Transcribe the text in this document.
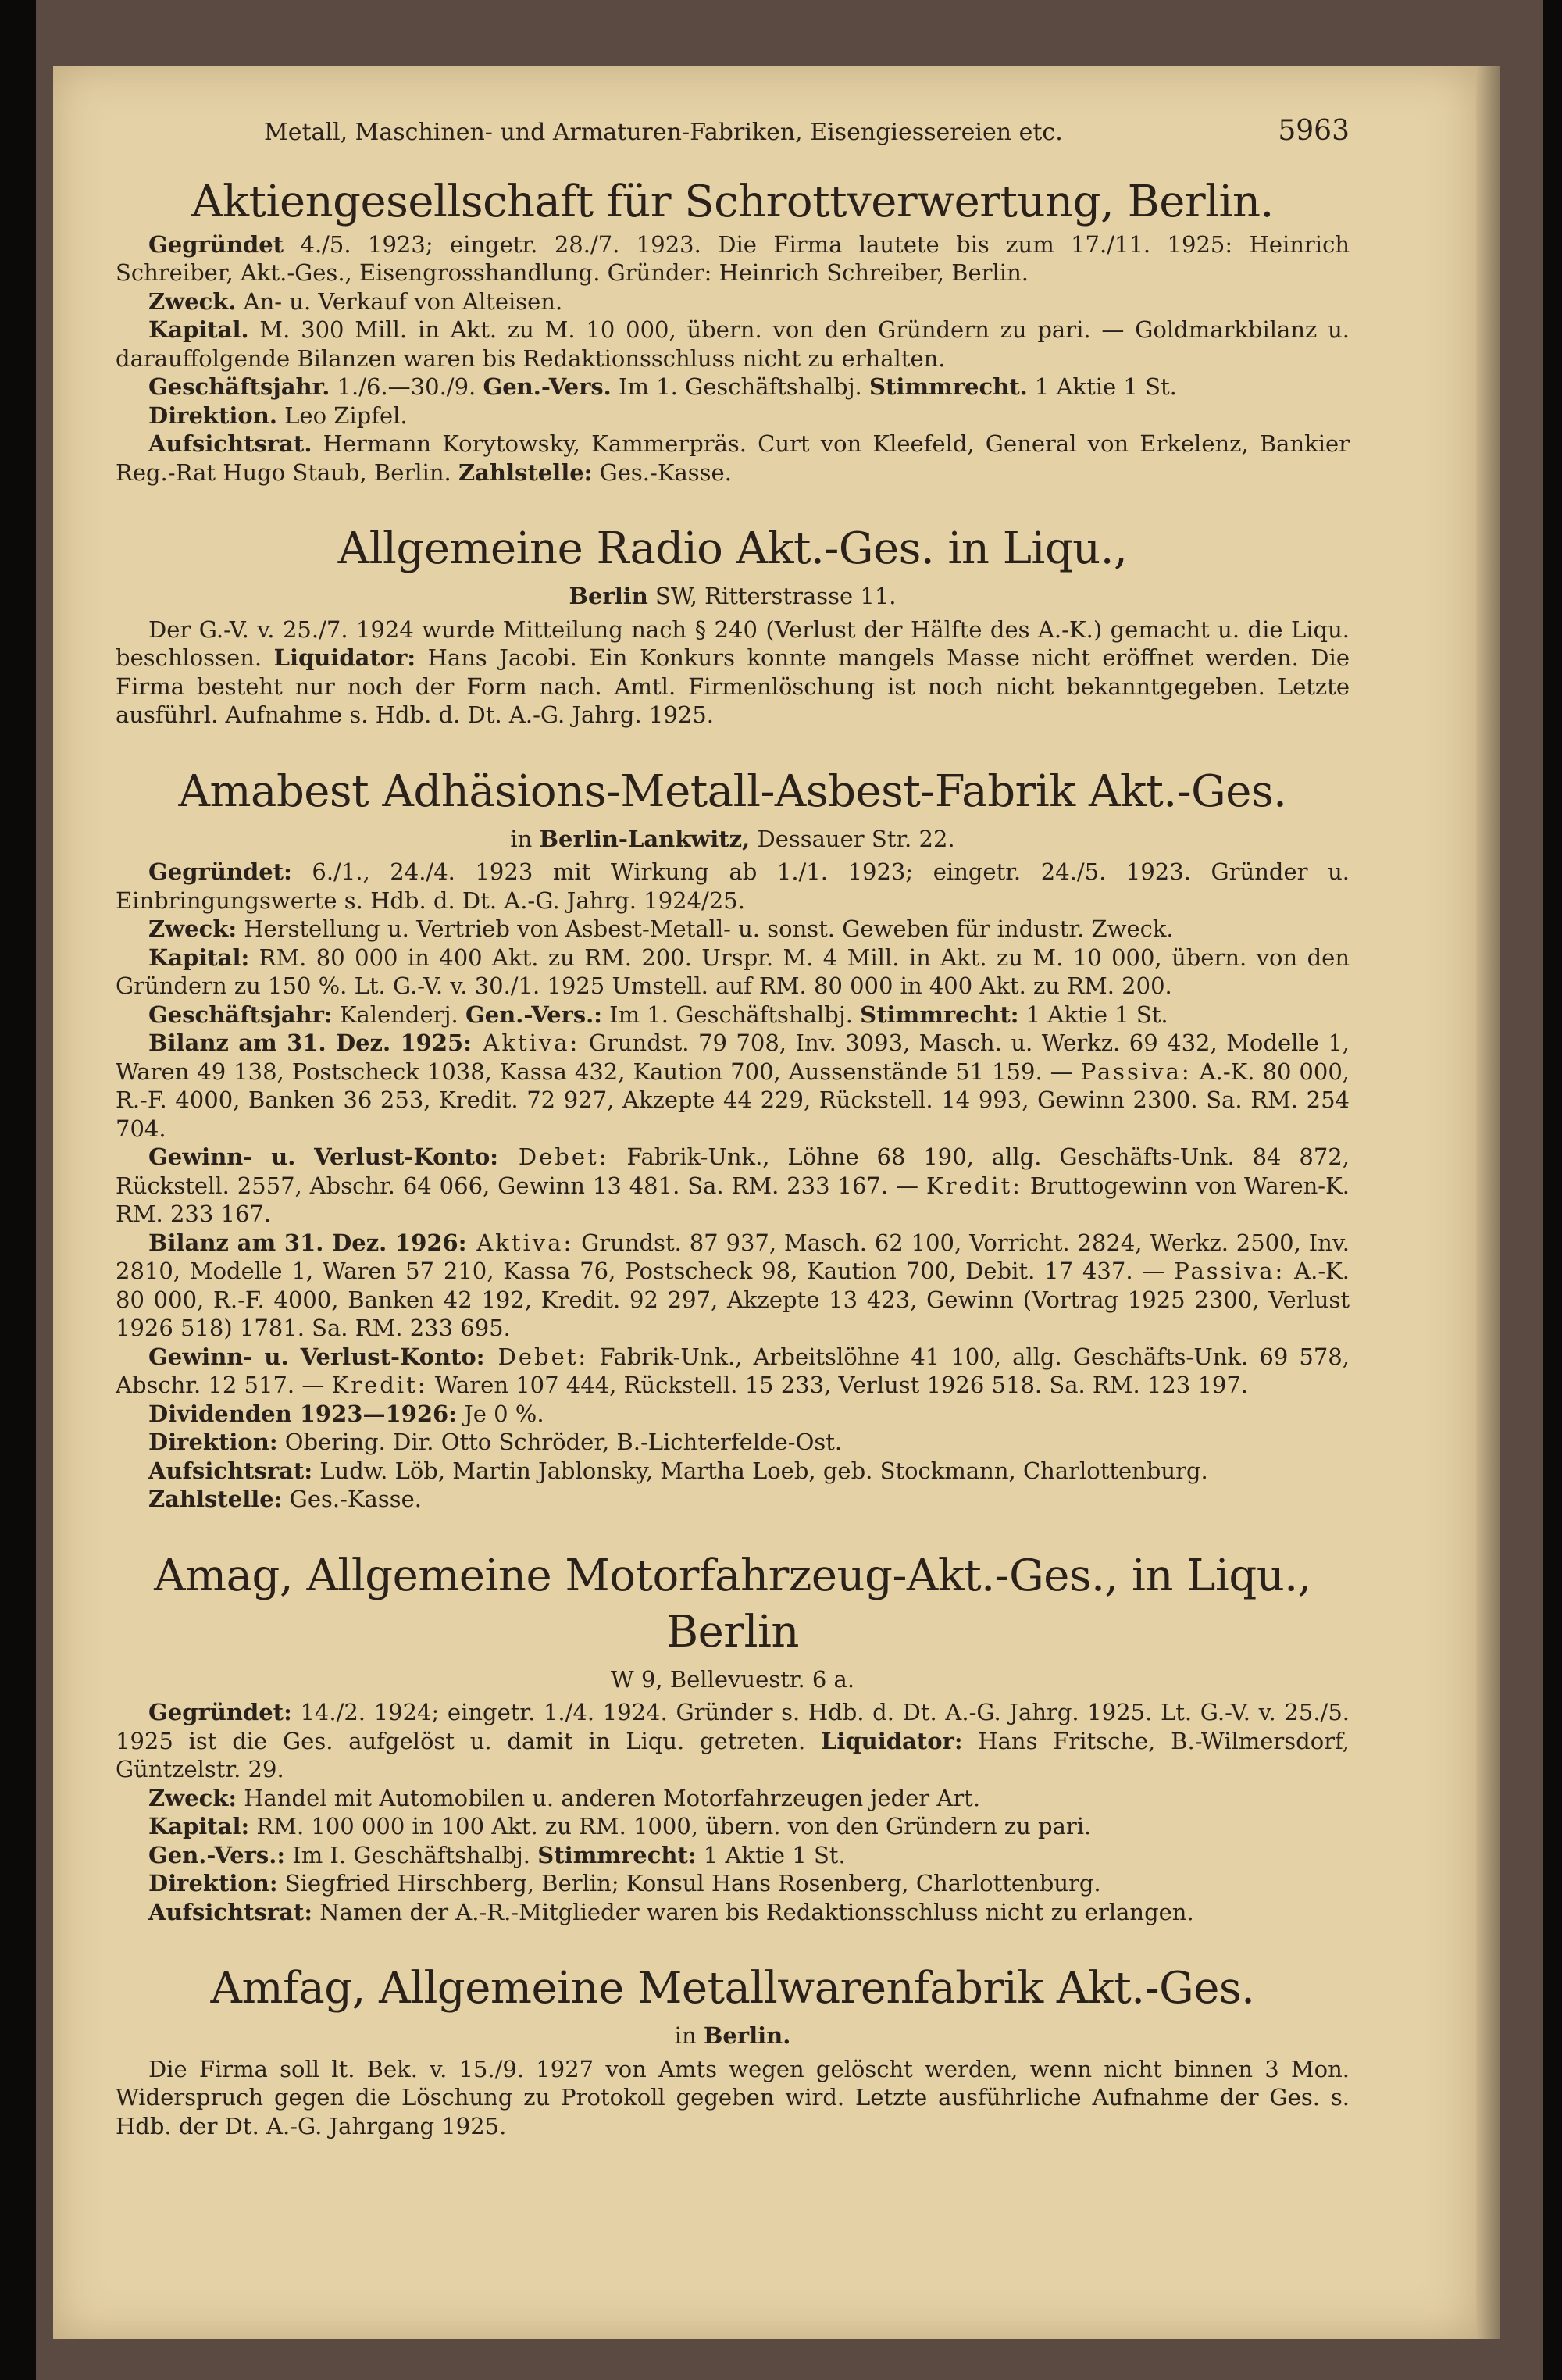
Metall, Maschinen- und Armaturen-Fabriken, Eisengiessereien etc.	5963
Aktiengesellschaft für Schrottverwertung, Berlin.

Gegründet 4./5. 1923; eingetr. 28./7. 1923. Die Firma lautete bis zum 17./11. 1925: Heinrich Schreiber, Akt.-Ges., Eisengrosshandlung. Gründer: Heinrich Schreiber, Berlin.

Zweck. An- u. Verkauf von Alteisen.

Kapital. M. 300 Mill. in Akt. zu M. 10 000, übern. von den Gründern zu pari. — Goldmarkbilanz u. darauffolgende Bilanzen waren bis Redaktionsschluss nicht zu erhalten.

Geschäftsjahr. 1./6.—30./9. Gen.-Vers. Im 1. Geschäftshalbj. Stimmrecht. 1 Aktie 1 St.

Direktion. Leo Zipfel.

Aufsichtsrat. Hermann Korytowsky, Kammerpräs. Curt von Kleefeld, General von Erkelenz, Bankier Reg.-Rat Hugo Staub, Berlin. Zahlstelle: Ges.-Kasse.

Allgemeine Radio Akt.-Ges. in Liqu.,
Berlin SW, Ritterstrasse 11.

Der G.-V. v. 25./7. 1924 wurde Mitteilung nach § 240 (Verlust der Hälfte des A.-K.) gemacht u. die Liqu. beschlossen. Liquidator: Hans Jacobi. Ein Konkurs konnte mangels Masse nicht eröffnet werden. Die Firma besteht nur noch der Form nach. Amtl. Firmenlöschung ist noch nicht bekanntgegeben. Letzte ausführl. Aufnahme s. Hdb. d. Dt. A.-G. Jahrg. 1925.

Amabest Adhäsions-Metall-Asbest-Fabrik Akt.-Ges.
in Berlin-Lankwitz, Dessauer Str. 22.

Gegründet: 6./1., 24./4. 1923 mit Wirkung ab 1./1. 1923; eingetr. 24./5. 1923. Gründer u. Einbringungswerte s. Hdb. d. Dt. A.-G. Jahrg. 1924/25.

Zweck: Herstellung u. Vertrieb von Asbest-Metall- u. sonst. Geweben für industr. Zweck.

Kapital: RM. 80 000 in 400 Akt. zu RM. 200. Urspr. M. 4 Mill. in Akt. zu M. 10 000, übern. von den Gründern zu 150 %. Lt. G.-V. v. 30./1. 1925 Umstell. auf RM. 80 000 in 400 Akt. zu RM. 200.

Geschäftsjahr: Kalenderj. Gen.-Vers.: Im 1. Geschäftshalbj. Stimmrecht: 1 Aktie 1 St.

Bilanz am 31. Dez. 1925: Aktiva: Grundst. 79 708, Inv. 3093, Masch. u. Werkz. 69 432, Modelle 1, Waren 49 138, Postscheck 1038, Kassa 432, Kaution 700, Aussenstände 51 159. — Passiva: A.-K. 80 000, R.-F. 4000, Banken 36 253, Kredit. 72 927, Akzepte 44 229, Rückstell. 14 993, Gewinn 2300. Sa. RM. 254 704.

Gewinn- u. Verlust-Konto: Debet: Fabrik-Unk., Löhne 68 190, allg. Geschäfts-Unk. 84 872, Rückstell. 2557, Abschr. 64 066, Gewinn 13 481. Sa. RM. 233 167. — Kredit: Bruttogewinn von Waren-K. RM. 233 167.

Bilanz am 31. Dez. 1926: Aktiva: Grundst. 87 937, Masch. 62 100, Vorricht. 2824, Werkz. 2500, Inv. 2810, Modelle 1, Waren 57 210, Kassa 76, Postscheck 98, Kaution 700, Debit. 17 437. — Passiva: A.-K. 80 000, R.-F. 4000, Banken 42 192, Kredit. 92 297, Akzepte 13 423, Gewinn (Vortrag 1925 2300, Verlust 1926 518) 1781. Sa. RM. 233 695.

Gewinn- u. Verlust-Konto: Debet: Fabrik-Unk., Arbeitslöhne 41 100, allg. Geschäfts-Unk. 69 578, Abschr. 12 517. — Kredit: Waren 107 444, Rückstell. 15 233, Verlust 1926 518. Sa. RM. 123 197.

Dividenden 1923—1926: Je 0 %.

Direktion: Obering. Dir. Otto Schröder, B.-Lichterfelde-Ost.

Aufsichtsrat: Ludw. Löb, Martin Jablonsky, Martha Loeb, geb. Stockmann, Charlottenburg.

Zahlstelle: Ges.-Kasse.

Amag, Allgemeine Motorfahrzeug-Akt.-Ges., in Liqu., Berlin
W 9, Bellevuestr. 6 a.

Gegründet: 14./2. 1924; eingetr. 1./4. 1924. Gründer s. Hdb. d. Dt. A.-G. Jahrg. 1925. Lt. G.-V. v. 25./5. 1925 ist die Ges. aufgelöst u. damit in Liqu. getreten. Liquidator: Hans Fritsche, B.-Wilmersdorf, Güntzelstr. 29.

Zweck: Handel mit Automobilen u. anderen Motorfahrzeugen jeder Art.

Kapital: RM. 100 000 in 100 Akt. zu RM. 1000, übern. von den Gründern zu pari.

Gen.-Vers.: Im I. Geschäftshalbj. Stimmrecht: 1 Aktie 1 St.

Direktion: Siegfried Hirschberg, Berlin; Konsul Hans Rosenberg, Charlottenburg.

Aufsichtsrat: Namen der A.-R.-Mitglieder waren bis Redaktionsschluss nicht zu erlangen.

Amfag, Allgemeine Metallwarenfabrik Akt.-Ges.
in Berlin.

Die Firma soll lt. Bek. v. 15./9. 1927 von Amts wegen gelöscht werden, wenn nicht binnen 3 Mon. Widerspruch gegen die Löschung zu Protokoll gegeben wird. Letzte ausführliche Aufnahme der Ges. s. Hdb. der Dt. A.-G. Jahrgang 1925.
